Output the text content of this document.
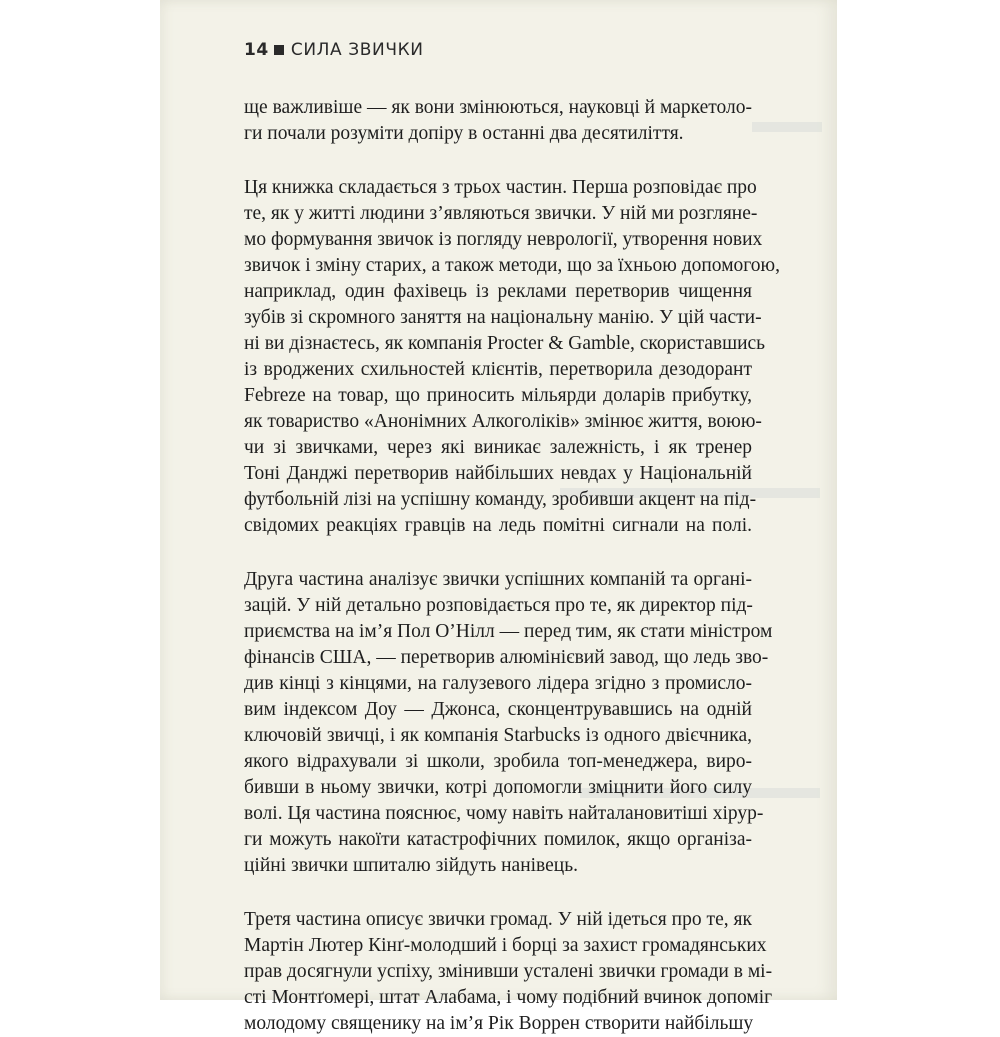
14 СИЛА ЗВИЧКИ
ще важливіше — як вони змінюються, науковці й маркетоло-
ги почали розуміти допіру в останні два десятиліття.
Ця книжка складається з трьох частин. Перша розповідає про
те, як у житті людини з’являються звички. У ній ми розгляне-
мо формування звичок із погляду неврології, утворення нових
звичок і зміну старих, а також методи, що за їхньою допомогою,
наприклад, один фахівець із реклами перетворив чищення
зубів зі скромного заняття на національну манію. У цій части-
ні ви дізнаєтесь, як компанія Procter & Gamble, скориставшись
із вроджених схильностей клієнтів, перетворила дезодорант
Febreze на товар, що приносить мільярди доларів прибутку,
як товариство «Анонімних Алкоголіків» змінює життя, воюю-
чи зі звичками, через які виникає залежність, і як тренер
Тоні Данджі перетворив найбільших невдах у Національній
футбольній лізі на успішну команду, зробивши акцент на під-
свідомих реакціях гравців на ледь помітні сигнали на полі.
Друга частина аналізує звички успішних компаній та органі-
зацій. У ній детально розповідається про те, як директор під-
приємства на ім’я Пол О’Нілл — перед тим, як стати міністром
фінансів США, — перетворив алюмінієвий завод, що ледь зво-
див кінці з кінцями, на галузевого лідера згідно з промисло-
вим індексом Доу — Джонса, сконцентрувавшись на одній
ключовій звичці, і як компанія Starbucks із одного двієчника,
якого відрахували зі школи, зробила топ-менеджера, виро-
бивши в ньому звички, котрі допомогли зміцнити його силу
волі. Ця частина пояснює, чому навіть найталановитіші хірур-
ги можуть накоїти катастрофічних помилок, якщо організа-
ційні звички шпиталю зійдуть нанівець.
Третя частина описує звички громад. У ній ідеться про те, як
Мартін Лютер Кінґ-молодший і борці за захист громадянських
прав досягнули успіху, змінивши усталені звички громади в мі-
сті Монтґомері, штат Алабама, і чому подібний вчинок допоміг
молодому священику на ім’я Рік Воррен створити найбільшу
